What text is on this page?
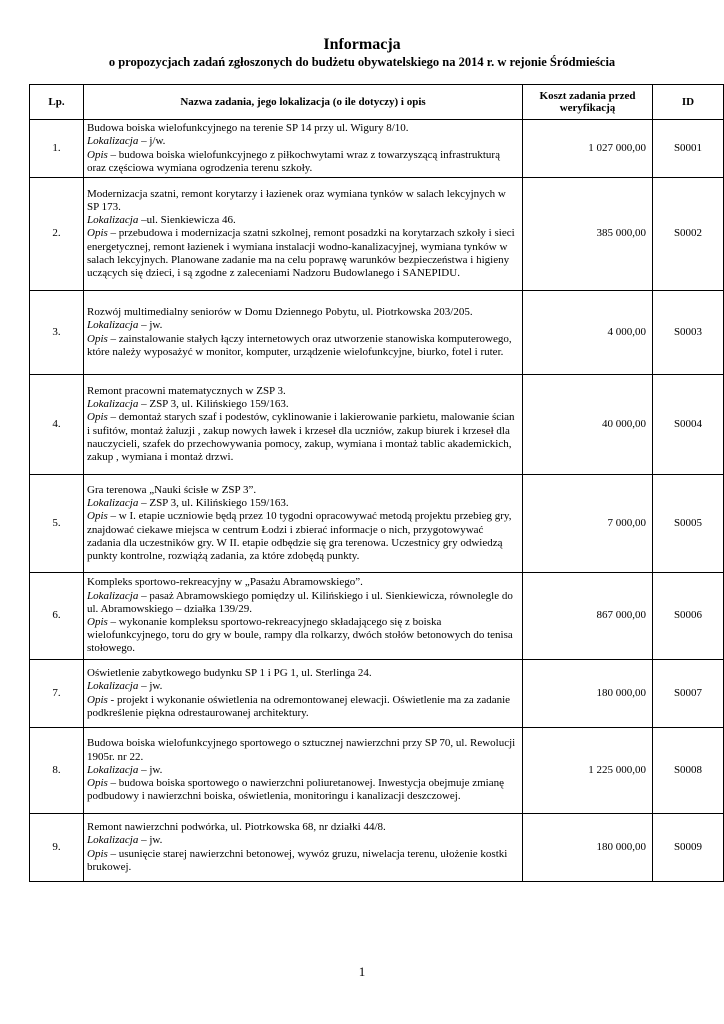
Informacja
o propozycjach zadań zgłoszonych do budżetu obywatelskiego na 2014 r. w rejonie Śródmieścia
Lp.	Nazwa zadania, jego lokalizacja (o ile dotyczy) i opis	Koszt zadania przed weryfikacją	ID
1.	Budowa boiska wielofunkcyjnego na terenie SP 14 przy ul. Wigury 8/10.
Lokalizacja – j/w.
Opis – budowa boiska wielofunkcyjnego z piłkochwytami wraz z towarzyszącą infrastrukturą oraz częściowa wymiana ogrodzenia terenu szkoły.	1 027 000,00	S0001
2.	Modernizacja szatni, remont korytarzy i łazienek oraz wymiana tynków w salach lekcyjnych w SP 173.
Lokalizacja –ul. Sienkiewicza 46.
Opis – przebudowa i modernizacja szatni szkolnej, remont posadzki na korytarzach szkoły i sieci energetycznej, remont łazienek i wymiana instalacji wodno-kanalizacyjnej, wymiana tynków w salach lekcyjnych. Planowane zadanie ma na celu poprawę warunków bezpieczeństwa i higieny uczących się dzieci, i są zgodne z zaleceniami Nadzoru Budowlanego i SANEPIDU.	385 000,00	S0002
3.	Rozwój multimedialny seniorów w Domu Dziennego Pobytu, ul. Piotrkowska 203/205.
Lokalizacja – jw.
Opis – zainstalowanie stałych łączy internetowych oraz utworzenie stanowiska komputerowego, które należy wyposażyć w monitor, komputer, urządzenie wielofunkcyjne, biurko, fotel i ruter.	4 000,00	S0003
4.	Remont pracowni matematycznych w ZSP 3.
Lokalizacja – ZSP 3, ul. Kilińskiego 159/163.
Opis – demontaż starych szaf i podestów, cyklinowanie i lakierowanie parkietu, malowanie ścian i sufitów, montaż żaluzji , zakup nowych ławek i krzeseł dla uczniów, zakup biurek i krzeseł dla nauczycieli, szafek do przechowywania pomocy, zakup, wymiana i montaż tablic akademickich, zakup , wymiana i montaż drzwi.	40 000,00	S0004
5.	Gra terenowa „Nauki ścisłe w ZSP 3”.
Lokalizacja – ZSP 3, ul. Kilińskiego 159/163.
Opis – w I. etapie uczniowie będą przez 10 tygodni opracowywać metodą projektu przebieg gry, znajdować ciekawe miejsca w centrum Łodzi i zbierać informacje o nich, przygotowywać zadania dla uczestników gry. W II. etapie odbędzie się gra terenowa. Uczestnicy gry odwiedzą punkty kontrolne, rozwiążą zadania, za które zdobędą punkty.	7 000,00	S0005
6.	Kompleks sportowo-rekreacyjny w „Pasażu Abramowskiego”.
Lokalizacja – pasaż Abramowskiego pomiędzy ul. Kilińskiego i ul. Sienkiewicza, równolegle do ul. Abramowskiego – działka 139/29.
Opis – wykonanie kompleksu sportowo-rekreacyjnego składającego się z boiska wielofunkcyjnego, toru do gry w boule, rampy dla rolkarzy, dwóch stołów betonowych do tenisa stołowego.	867 000,00	S0006
7.	Oświetlenie zabytkowego budynku SP 1 i PG 1, ul. Sterlinga 24.
Lokalizacja – jw.
Opis - projekt i wykonanie oświetlenia na odremontowanej elewacji. Oświetlenie ma za zadanie podkreślenie piękna odrestaurowanej architektury.	180 000,00	S0007
8.	Budowa boiska wielofunkcyjnego sportowego o sztucznej nawierzchni przy SP 70, ul. Rewolucji 1905r. nr 22.
Lokalizacja – jw.
Opis – budowa boiska sportowego o nawierzchni poliuretanowej. Inwestycja obejmuje zmianę podbudowy i nawierzchni boiska, oświetlenia, monitoringu i kanalizacji deszczowej.	1 225 000,00	S0008
9.	Remont nawierzchni podwórka, ul. Piotrkowska 68, nr działki 44/8.
Lokalizacja – jw.
Opis – usunięcie starej nawierzchni betonowej, wywóz gruzu, niwelacja terenu, ułożenie kostki brukowej.	180 000,00	S0009
1
